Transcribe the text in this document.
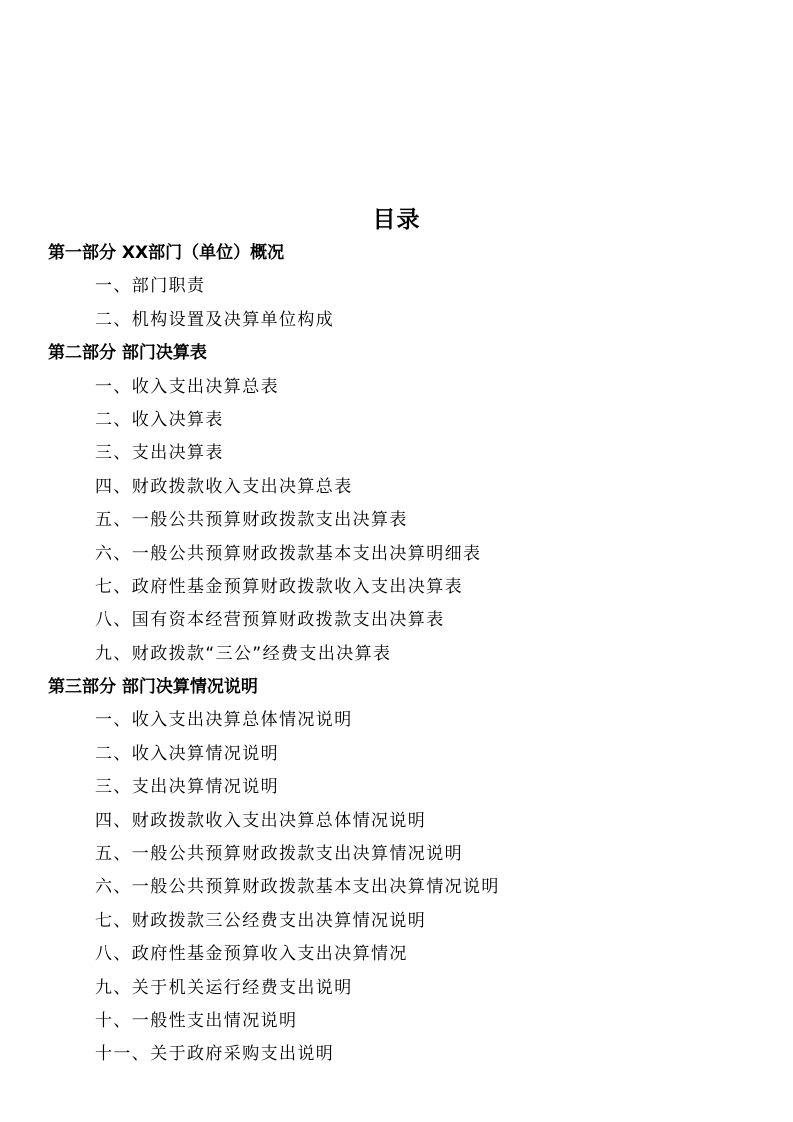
目录
第一部分 XX部门（单位）概况
一、部门职责
二、机构设置及决算单位构成
第二部分 部门决算表
一、收入支出决算总表
二、收入决算表
三、支出决算表
四、财政拨款收入支出决算总表
五、一般公共预算财政拨款支出决算表
六、一般公共预算财政拨款基本支出决算明细表
七、政府性基金预算财政拨款收入支出决算表
八、国有资本经营预算财政拨款支出决算表
九、财政拨款“三公”经费支出决算表
第三部分 部门决算情况说明
一、收入支出决算总体情况说明
二、收入决算情况说明
三、支出决算情况说明
四、财政拨款收入支出决算总体情况说明
五、一般公共预算财政拨款支出决算情况说明
六、一般公共预算财政拨款基本支出决算情况说明
七、财政拨款三公经费支出决算情况说明
八、政府性基金预算收入支出决算情况
九、关于机关运行经费支出说明
十、一般性支出情况说明
十一、关于政府采购支出说明
